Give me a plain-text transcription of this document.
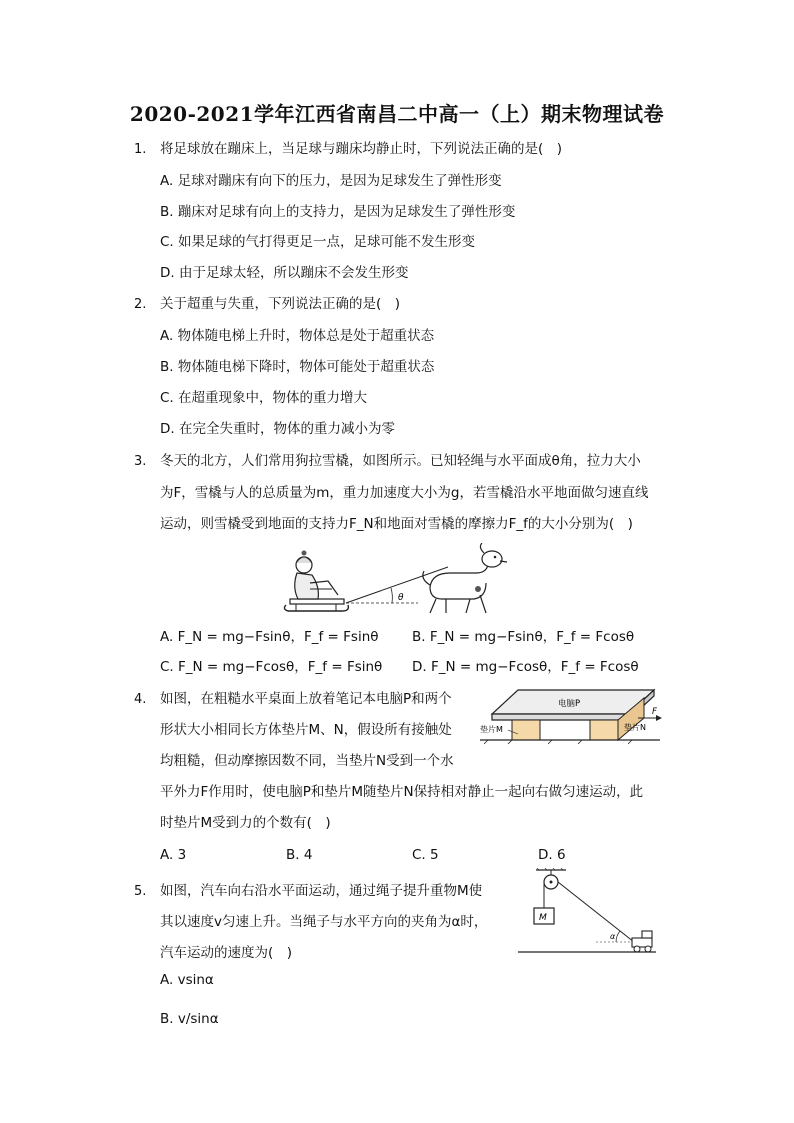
2020-2021学年江西省南昌二中高一（上）期末物理试卷
1. 将足球放在蹦床上，当足球与蹦床均静止时，下列说法正确的是(　)
A. 足球对蹦床有向下的压力，是因为足球发生了弹性形变
B. 蹦床对足球有向上的支持力，是因为足球发生了弹性形变
C. 如果足球的气打得更足一点，足球可能不发生形变
D. 由于足球太轻，所以蹦床不会发生形变
2. 关于超重与失重，下列说法正确的是(　)
A. 物体随电梯上升时，物体总是处于超重状态
B. 物体随电梯下降时，物体可能处于超重状态
C. 在超重现象中，物体的重力增大
D. 在完全失重时，物体的重力减小为零
3. 冬天的北方，人们常用狗拉雪橇，如图所示。已知轻绳与水平面成θ角，拉力大小
为F，雪橇与人的总质量为m，重力加速度大小为g，若雪橇沿水平地面做匀速直线
运动，则雪橇受到地面的支持力F_N和地面对雪橇的摩擦力F_f的大小分别为(　)
θ
A. F_N = mg−Fsinθ，F_f = Fsinθ B. F_N = mg−Fsinθ，F_f = Fcosθ
C. F_N = mg−Fcosθ，F_f = Fsinθ D. F_N = mg−Fcosθ，F_f = Fcosθ
4. 如图，在粗糙水平桌面上放着笔记本电脑P和两个
形状大小相同长方体垫片M、N，假设所有接触处
均粗糙，但动摩擦因数不同，当垫片N受到一个水
平外力F作用时，使电脑P和垫片M随垫片N保持相对静止一起向右做匀速运动，此
时垫片M受到力的个数有(　)
电脑P
垫片M	垫片N
F
A. 3	B. 4	C. 5	D. 6
5. 如图，汽车向右沿水平面运动，通过绳子提升重物M使
其以速度v匀速上升。当绳子与水平方向的夹角为α时，
汽车运动的速度为(　)
M
α
A. vsinα
B. v/sinα
